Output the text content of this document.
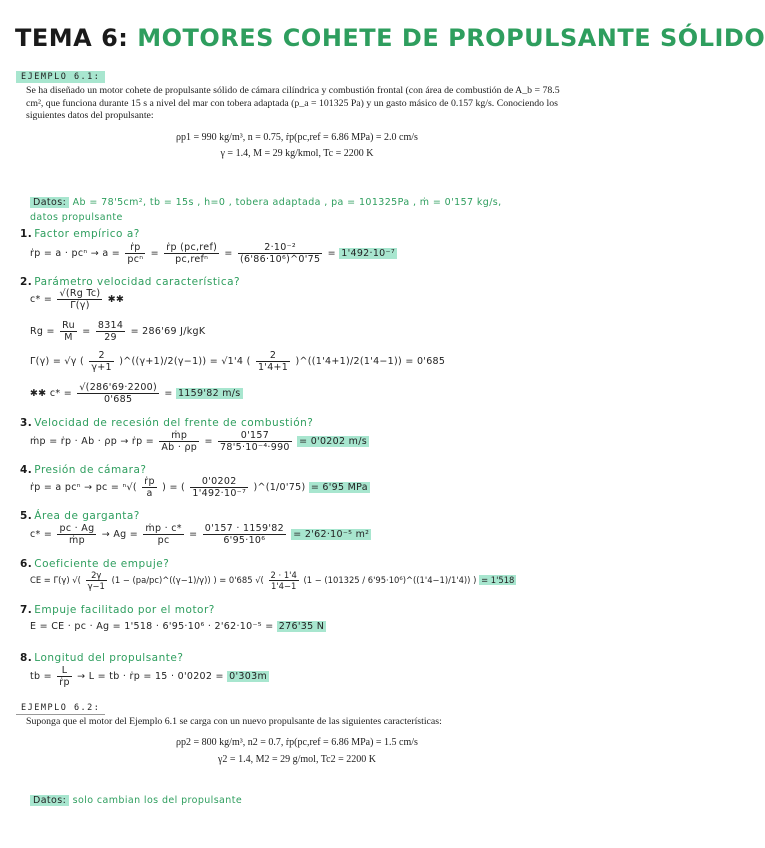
TEMA 6: MOTORES COHETE DE PROPULSANTE SÓLIDO
EJEMPLO 6.1:

Se ha diseñado un motor cohete de propulsante sólido de cámara cilíndrica y combustión frontal (con área de combustión de A_b = 78.5 cm², que funciona durante 15 s a nivel del mar con tobera adaptada (p_a = 101325 Pa) y un gasto másico de 0.157 kg/s. Conociendo los siguientes datos del propulsante:

ρp1 = 990 kg/m³, n = 0.75, ṙp(pc,ref = 6.86 MPa) = 2.0 cm/s
γ = 1.4, M = 29 kg/kmol, Tc = 2200 K
Datos: Ab = 78'5cm², tb = 15s , h=0 , tobera adaptada , pa = 101325Pa , ṁ = 0'157 kg/s,
datos propulsante
1. Factor empírico a?
ṙp = $a \cdot pc^n \to a = \frac{\text{ṙp}}{\text{pcⁿ}} = \frac{\text{ṙp (pc,ref)}}{\text{pc,refⁿ}} = \frac{\text{2·10⁻²}}{\text{(6'86·10⁶)\textasciicircum{}0'75}} = 1'492\cdot 10^{-7}$
2. Parámetro velocidad característica?
$c* = \frac{\text{√(Rg Tc)}}{\Gamma(\gamma)}$ ✱✱
$Rg = \frac{Ru}{M} = \frac{8314}{29} = 286'69$ J/kgK
Γ(γ) = √γ ( $\frac{2}{\gamma+1}$ )^((γ+1)/2(γ−1)) = √1'4 ( $\frac{2}{1'4+1}$ )^((1'4+1)/2(1'4−1)) = 0'685
✱✱ $c* = \frac{√(286'69\cdot 2200)}{0'685} = 1159'82$ m/s
3. Velocidad de recesión del frente de combustión?
ṁp = ṙp · Ab · ρp → ṙp = $\frac{\text{ṁp}}{Ab \cdot \rho p} = \frac{0'157}{\text{78'5·10⁻⁴·990}} = 0'0202$ m/s
4. Presión de cámara?
ṙp = a pcⁿ → pc = $^n√( \frac{\text{ṙp}}{a}$ ) = ( $\frac{0'0202}{\text{1'492·10⁻⁷}}$ )^(1/0'75) = 6'95 MPa
5. Área de garganta?
$c* = \frac{pc \cdot Ag}{\text{ṁp}} \to Ag = \frac{\text{ṁp · c*}}{pc} = \frac{0'157 \cdot 1159'82}{\text{6'95·10⁶}} = 2'62\cdot 10^{-5}$ m²
6. Coeficiente de empuje?
CE = Γ(γ) √( $\frac{2\gamma}{\gamma-1} (1$ − (pa/pc)^((γ−1)/γ)) ) = 0'685 √( $\frac{2 \cdot 1'4}{1'4-1} (1 - (101325$ / 6'95·10⁶)^((1'4−1)/1'4)) ) = 1'518
7. Empuje facilitado por el motor?
E = CE · pc · Ag = 1'518 · 6'95·10⁶ · 2'62·10⁻⁵ = 276'35 N
8. Longitud del propulsante?
tb = $\frac{L}{\text{ṙp}} \to L$ = tb · ṙp = 15 · 0'0202 = 0'303m
EJEMPLO 6.2:

Suponga que el motor del Ejemplo 6.1 se carga con un nuevo propulsante de las siguientes características:

ρp2 = 800 kg/m³, n2 = 0.7, ṙp(pc,ref = 6.86 MPa) = 1.5 cm/s
γ2 = 1.4, M2 = 29 g/mol, Tc2 = 2200 K
Datos: solo cambian los del propulsante
